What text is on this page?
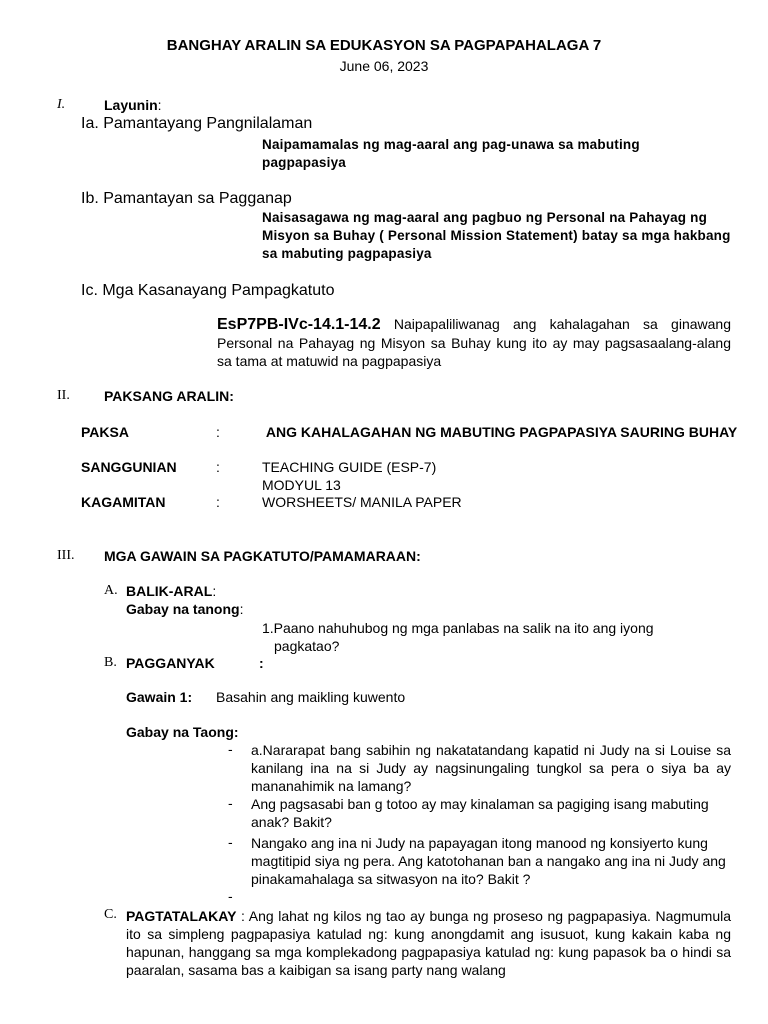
BANGHAY ARALIN SA EDUKASYON SA PAGPAPAHALAGA 7
June 06, 2023
I.	Layunin:
Ia. Pamantayang Pangnilalaman
Naipamamalas ng mag-aaral ang pag-unawa sa mabuting pagpapasiya
Ib. Pamantayan sa Pagganap
Naisasagawa ng mag-aaral ang pagbuo ng Personal na Pahayag ng Misyon sa Buhay ( Personal Mission Statement) batay sa mga hakbang sa mabuting pagpapasiya
Ic. Mga Kasanayang Pampagkatuto
EsP7PB-IVc-14.1-14.2 Naipapaliliwanag ang kahalagahan sa ginawang Personal na Pahayag ng Misyon sa Buhay kung ito ay may pagsasaalang-alang sa tama at matuwid na pagpapasiya
II. PAKSANG ARALIN:
PAKSA	:	ANG KAHALAGAHAN NG MABUTING PAGPAPASIYA SAURING BUHAY
SANGGUNIAN	:	TEACHING GUIDE (ESP-7)
MODYUL 13
KAGAMITAN	:	WORSHEETS/ MANILA PAPER
III. MGA GAWAIN SA PAGKATUTO/PAMAMARAAN:
A. BALIK-ARAL:
Gabay na tanong:
1.Paano nahuhubog ng mga panlabas na salik na ito ang iyong pagkatao?
B. PAGGANYAK	:
Gawain 1: Basahin ang maikling kuwento
Gabay na Taong:
- a.Nararapat bang sabihin ng nakatatandang kapatid ni Judy na si Louise sa kanilang ina na si Judy ay nagsinungaling tungkol sa pera o siya ba ay mananahimik na lamang?
- Ang pagsasabi ban g totoo ay may kinalaman sa pagiging isang mabuting anak? Bakit?
- Nangako ang ina ni Judy na papayagan itong manood ng konsiyerto kung magtitipid siya ng pera. Ang katotohanan ban a nangako ang ina ni Judy ang pinakamahalaga sa sitwasyon na ito? Bakit ?
-
C. PAGTATALAKAY : Ang lahat ng kilos ng tao ay bunga ng proseso ng pagpapasiya. Nagmumula ito sa simpleng pagpapasiya katulad ng: kung anongdamit ang isusuot, kung kakain kaba ng hapunan, hanggang sa mga komplekadong pagpapasiya katulad ng: kung papasok ba o hindi sa paaralan, sasama bas a kaibigan sa isang party nang walang
